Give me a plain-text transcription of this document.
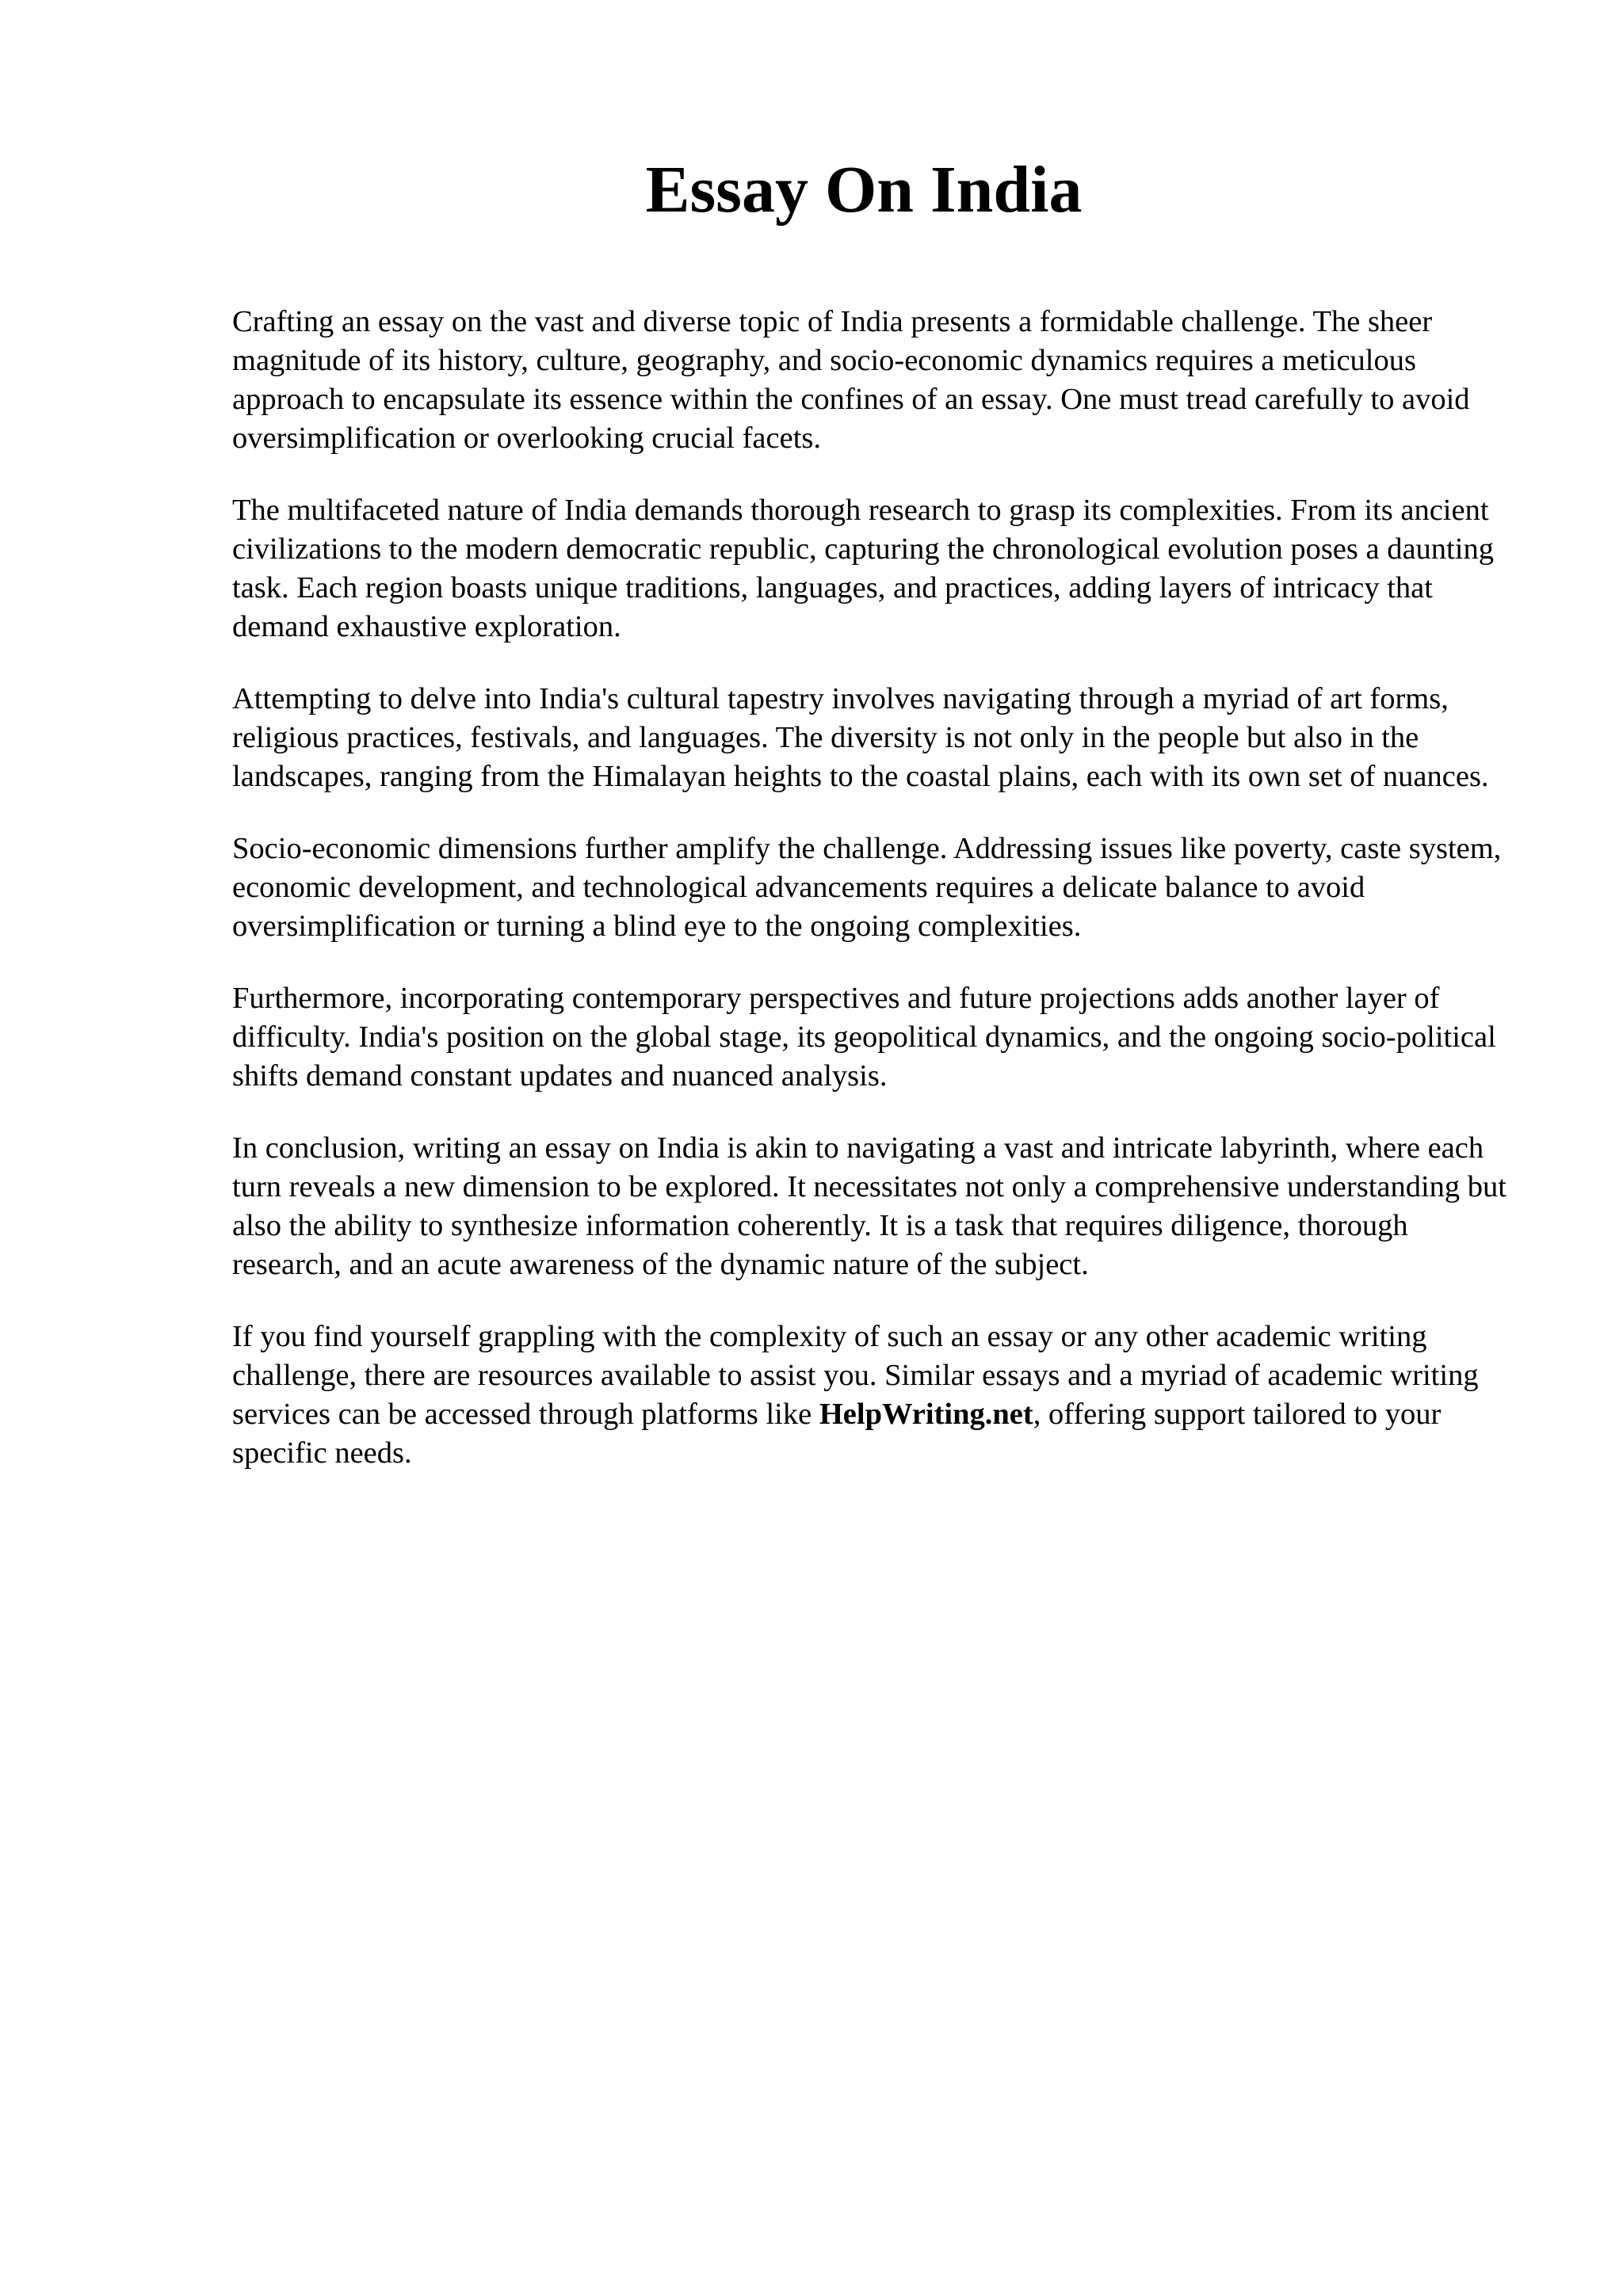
Essay On India

Crafting an essay on the vast and diverse topic of India presents a formidable challenge. The sheer magnitude of its history, culture, geography, and socio-economic dynamics requires a meticulous approach to encapsulate its essence within the confines of an essay. One must tread carefully to avoid oversimplification or overlooking crucial facets.

The multifaceted nature of India demands thorough research to grasp its complexities. From its ancient civilizations to the modern democratic republic, capturing the chronological evolution poses a daunting task. Each region boasts unique traditions, languages, and practices, adding layers of intricacy that demand exhaustive exploration.

Attempting to delve into India's cultural tapestry involves navigating through a myriad of art forms, religious practices, festivals, and languages. The diversity is not only in the people but also in the landscapes, ranging from the Himalayan heights to the coastal plains, each with its own set of nuances.

Socio-economic dimensions further amplify the challenge. Addressing issues like poverty, caste system, economic development, and technological advancements requires a delicate balance to avoid oversimplification or turning a blind eye to the ongoing complexities.

Furthermore, incorporating contemporary perspectives and future projections adds another layer of difficulty. India's position on the global stage, its geopolitical dynamics, and the ongoing socio-political shifts demand constant updates and nuanced analysis.

In conclusion, writing an essay on India is akin to navigating a vast and intricate labyrinth, where each turn reveals a new dimension to be explored. It necessitates not only a comprehensive understanding but also the ability to synthesize information coherently. It is a task that requires diligence, thorough research, and an acute awareness of the dynamic nature of the subject.

If you find yourself grappling with the complexity of such an essay or any other academic writing challenge, there are resources available to assist you. Similar essays and a myriad of academic writing services can be accessed through platforms like HelpWriting.net, offering support tailored to your specific needs.
